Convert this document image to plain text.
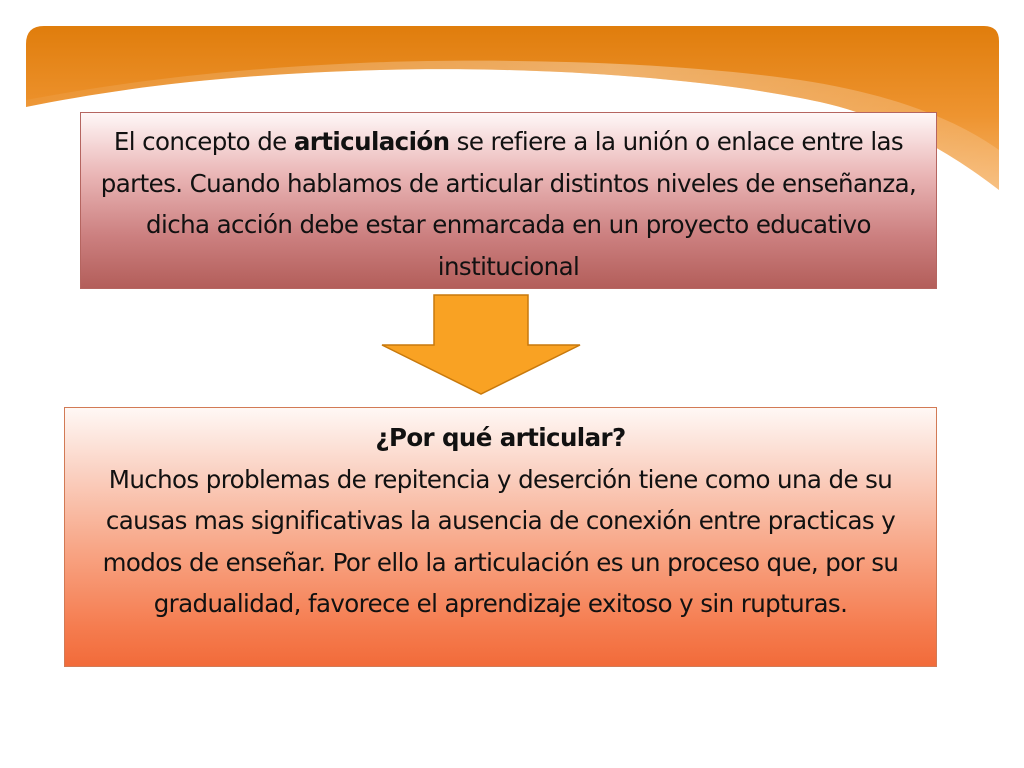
El concepto de articulación se refiere a la unión o enlace entre las partes. Cuando hablamos de articular distintos niveles de enseñanza, dicha acción debe estar enmarcada en un proyecto educativo institucional
¿Por qué articular?
Muchos problemas de repitencia y deserción tiene como una de su causas mas significativas la ausencia de conexión entre practicas y modos de enseñar. Por ello la articulación es un proceso que, por su gradualidad, favorece el aprendizaje exitoso y sin rupturas.
